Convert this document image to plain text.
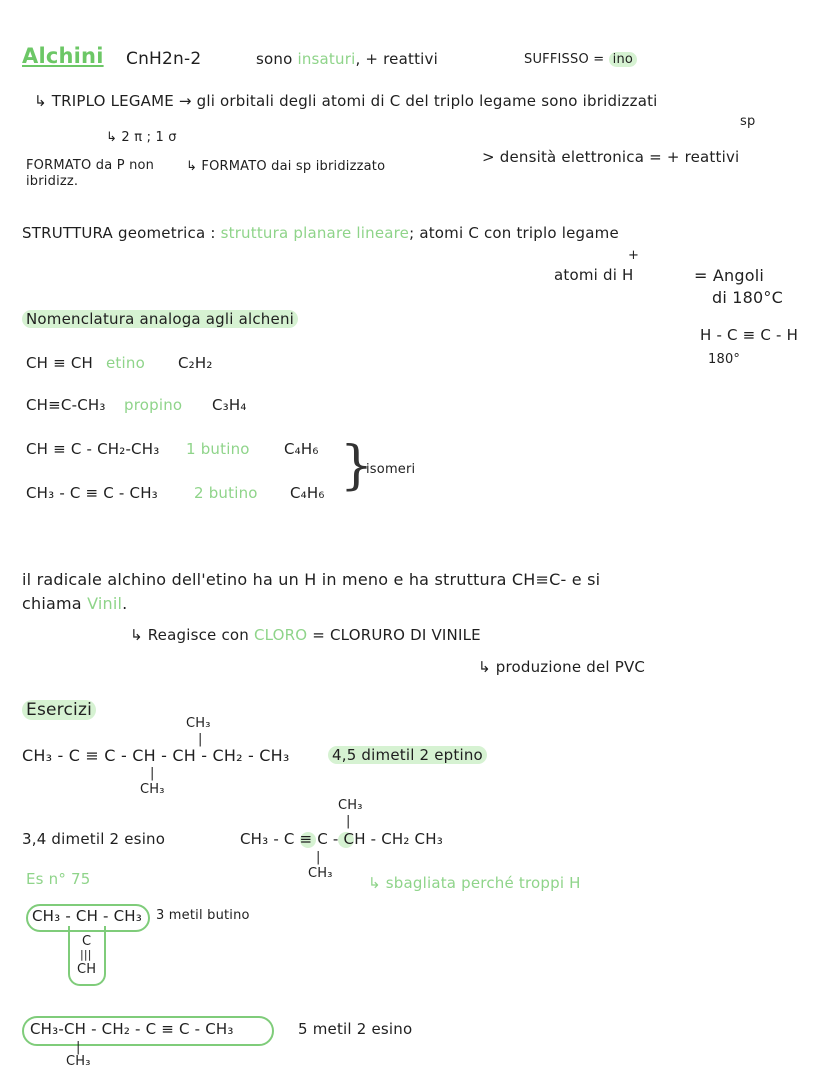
Alchini CnH2n-2	sono insaturi, + reattivi	SUFFISSO = ino
↳ TRIPLO LEGAME → gli orbitali degli atomi di C del triplo legame sono ibridizzati
sp
↳ 2 π ; 1 σ
FORMATO da P non ibridizz.
↳ FORMATO dai sp ibridizzato
> densità elettronica = + reattivi
STRUTTURA geometrica : struttura planare lineare; atomi C con triplo legame
+
atomi di H	= Angoli
di 180°C
H - C ≡ C - H
180°
Nomenclatura analoga agli alcheni
CH ≡ CH etino C₂H₂
CH≡C-CH₃ propino C₃H₄
CH ≡ C - CH₂-CH₃ 1 butino C₄H₆
CH₃ - C ≡ C - CH₃ 2 butino C₄H₆ }
isomeri
il radicale alchino dell'etino ha un H in meno e ha struttura CH≡C- e si
chiama Vinil.
↳ Reagisce con CLORO = CLORURO DI VINILE
↳ produzione del PVC
Esercizi
CH₃
|
CH₃ - C ≡ C - CH - CH - CH₂ - CH₃
|
CH₃
4,5 dimetil 2 eptino
3,4 dimetil 2 esino
CH₃
|
CH₃ - C ≡ C - CH - CH₂ CH₃
|
CH₃
↳ sbagliata perché troppi H
Es n° 75
CH₃ - CH - CH₃
C
|||
CH
3 metil butino
CH₃-CH - CH₂ - C ≡ C - CH₃
|
CH₃
5 metil 2 esino
